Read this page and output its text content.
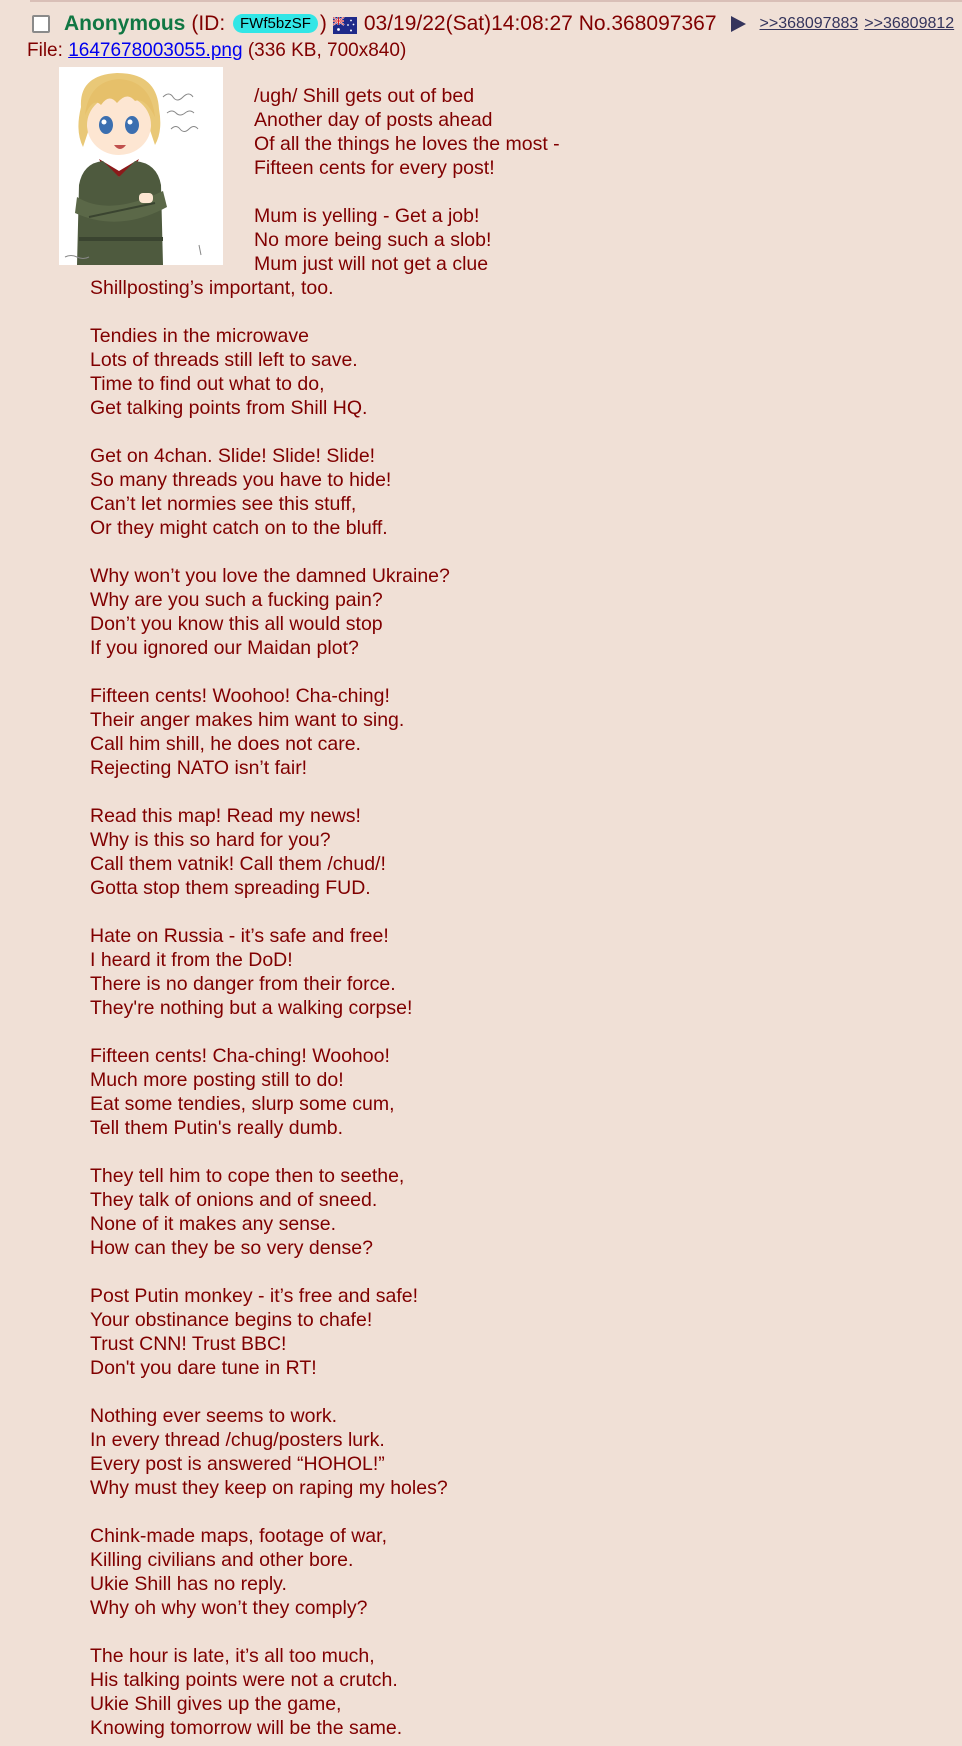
Anonymous (ID: FWf5bzSF ) 03/19/22(Sat)14:08:27 No.368097367	>>368097883 >>36809812
File: 1647678003055.png (336 KB, 700x840)
/ugh/ Shill gets out of bed
Another day of posts ahead
Of all the things he loves the most -
Fifteen cents for every post!
Mum is yelling - Get a job!
No more being such a slob!
Mum just will not get a clue
Shillposting’s important, too.
Tendies in the microwave
Lots of threads still left to save.
Time to find out what to do,
Get talking points from Shill HQ.
Get on 4chan. Slide! Slide! Slide!
So many threads you have to hide!
Can’t let normies see this stuff,
Or they might catch on to the bluff.
Why won’t you love the damned Ukraine?
Why are you such a fucking pain?
Don’t you know this all would stop
If you ignored our Maidan plot?
Fifteen cents! Woohoo! Cha-ching!
Their anger makes him want to sing.
Call him shill, he does not care.
Rejecting NATO isn’t fair!
Read this map! Read my news!
Why is this so hard for you?
Call them vatnik! Call them /chud/!
Gotta stop them spreading FUD.
Hate on Russia - it’s safe and free!
I heard it from the DoD!
There is no danger from their force.
They're nothing but a walking corpse!
Fifteen cents! Cha-ching! Woohoo!
Much more posting still to do!
Eat some tendies, slurp some cum,
Tell them Putin's really dumb.
They tell him to cope then to seethe,
They talk of onions and of sneed.
None of it makes any sense.
How can they be so very dense?
Post Putin monkey - it’s free and safe!
Your obstinance begins to chafe!
Trust CNN! Trust BBC!
Don't you dare tune in RT!
Nothing ever seems to work.
In every thread /chug/posters lurk.
Every post is answered “HOHOL!”
Why must they keep on raping my holes?
Chink-made maps, footage of war,
Killing civilians and other bore.
Ukie Shill has no reply.
Why oh why won’t they comply?
The hour is late, it’s all too much,
His talking points were not a crutch.
Ukie Shill gives up the game,
Knowing tomorrow will be the same.
